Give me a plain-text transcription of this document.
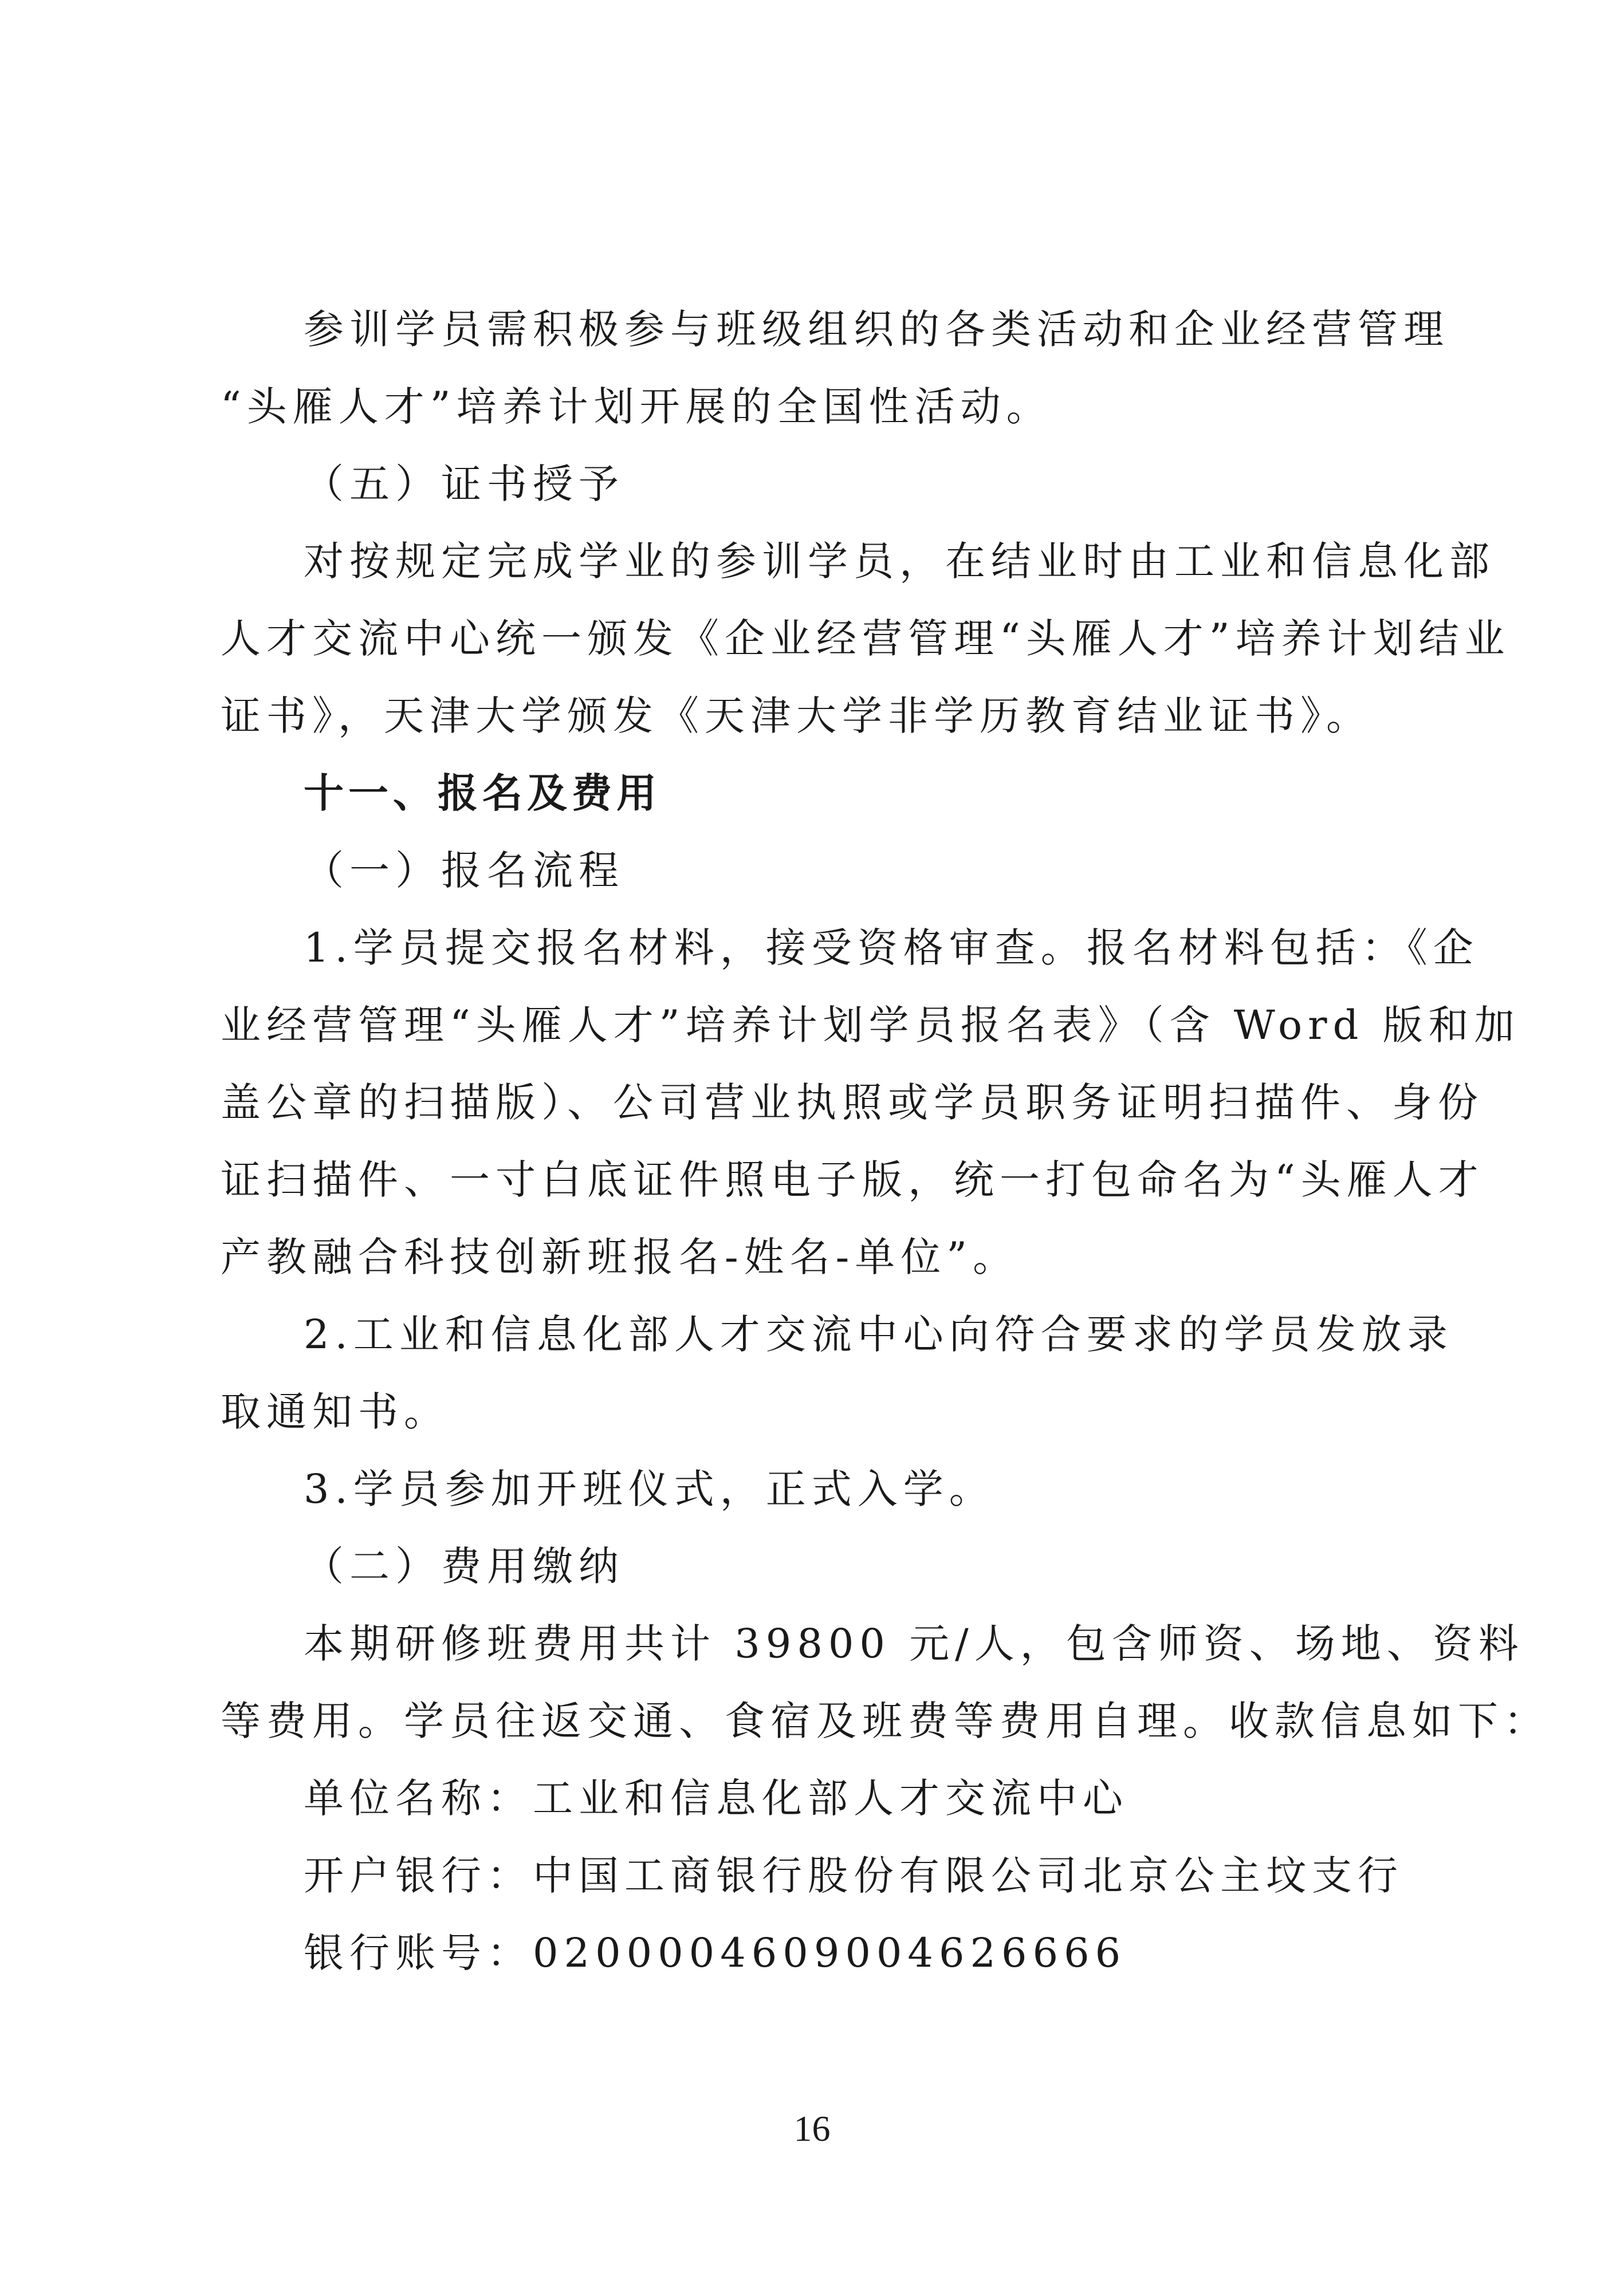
参训学员需积极参与班级组织的各类活动和企业经营管理
“头雁人才”培养计划开展的全国性活动。
（五）证书授予
对按规定完成学业的参训学员，在结业时由工业和信息化部
人才交流中心统一颁发《企业经营管理“头雁人才”培养计划结业
证书》，天津大学颁发《天津大学非学历教育结业证书》。
十一、报名及费用
（一）报名流程
1.学员提交报名材料，接受资格审查。报名材料包括：《企
业经营管理“头雁人才”培养计划学员报名表》（含 Word 版和加
盖公章的扫描版）、公司营业执照或学员职务证明扫描件、身份
证扫描件、一寸白底证件照电子版，统一打包命名为“头雁人才
产教融合科技创新班报名-姓名-单位”。
2.工业和信息化部人才交流中心向符合要求的学员发放录
取通知书。
3.学员参加开班仪式，正式入学。
（二）费用缴纳
本期研修班费用共计 39800 元/人，包含师资、场地、资料
等费用。学员往返交通、食宿及班费等费用自理。收款信息如下：
单位名称：工业和信息化部人才交流中心
开户银行：中国工商银行股份有限公司北京公主坟支行
银行账号：0200004609004626666
16
